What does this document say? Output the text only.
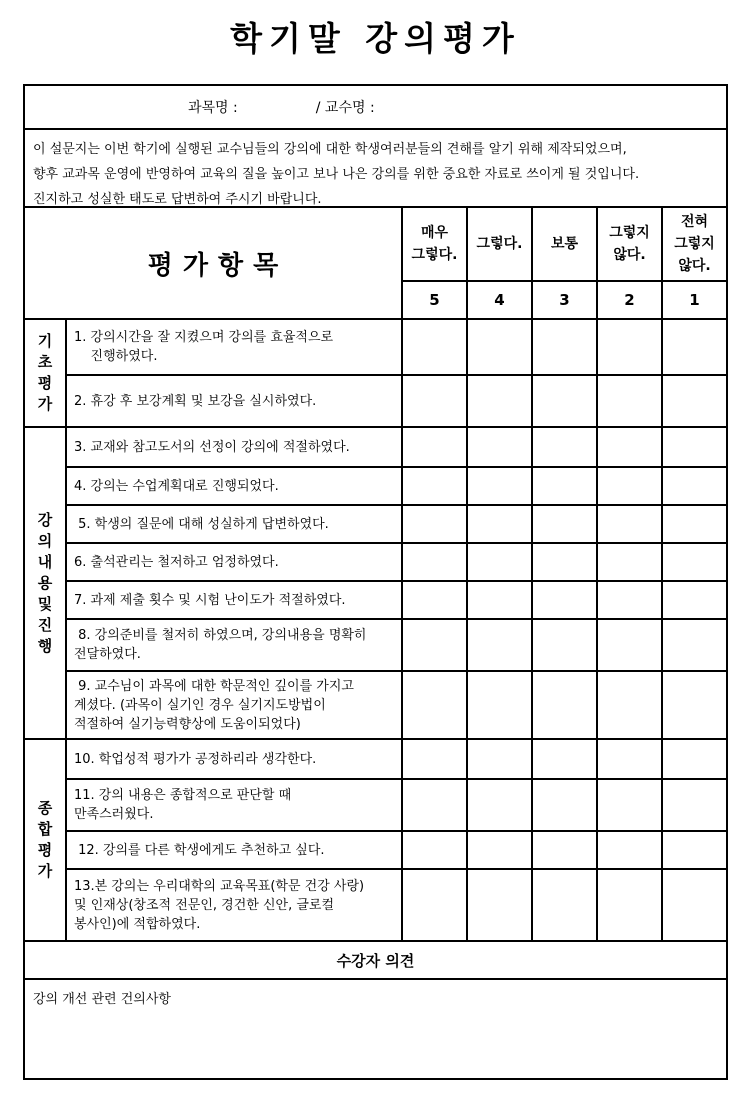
학기말 강의평가
과목명 :	/ 교수명 :
이 설문지는 이번 학기에 실행된 교수님들의 강의에 대한 학생여러분들의 견해를 알기 위해 제작되었으며,
향후 교과목 운영에 반영하여 교육의 질을 높이고 보나 나은 강의를 위한 중요한 자료로 쓰이게 될 것입니다.
진지하고 성실한 태도로 답변하여 주시기 바랍니다.
평가항목
매우
그렇다.
5
그렇다.
4
보통
3
그렇지
않다.
2
전혀
그렇지
않다.
1
기
초
평
가
1. 강의시간을 잘 지켰으며 강의를 효율적으로
진행하였다.
2. 휴강 후 보강계획 및 보강을 실시하였다.
강
의
내
용
및
진
행
3. 교재와 참고도서의 선정이 강의에 적절하였다.
4. 강의는 수업계획대로 진행되었다.
5. 학생의 질문에 대해 성실하게 답변하였다.
6. 출석관리는 철저하고 엄정하였다.
7. 과제 제출 횟수 및 시험 난이도가 적절하였다.
8. 강의준비를 철저히 하였으며, 강의내용을 명확히
전달하였다.
9. 교수님이 과목에 대한 학문적인 깊이를 가지고
계셨다. (과목이 실기인 경우 실기지도방법이
적절하여 실기능력향상에 도움이되었다)
종
합
평
가
10. 학업성적 평가가 공정하리라 생각한다.
11. 강의 내용은 종합적으로 판단할 때
만족스러웠다.
12. 강의를 다른 학생에게도 추천하고 싶다.
13.본 강의는 우리대학의 교육목표(학문 건강 사랑)
및 인재상(창조적 전문인, 경건한 신안, 글로컬
봉사인)에 적합하였다.
수강자 의견
강의 개선 관련 건의사항
